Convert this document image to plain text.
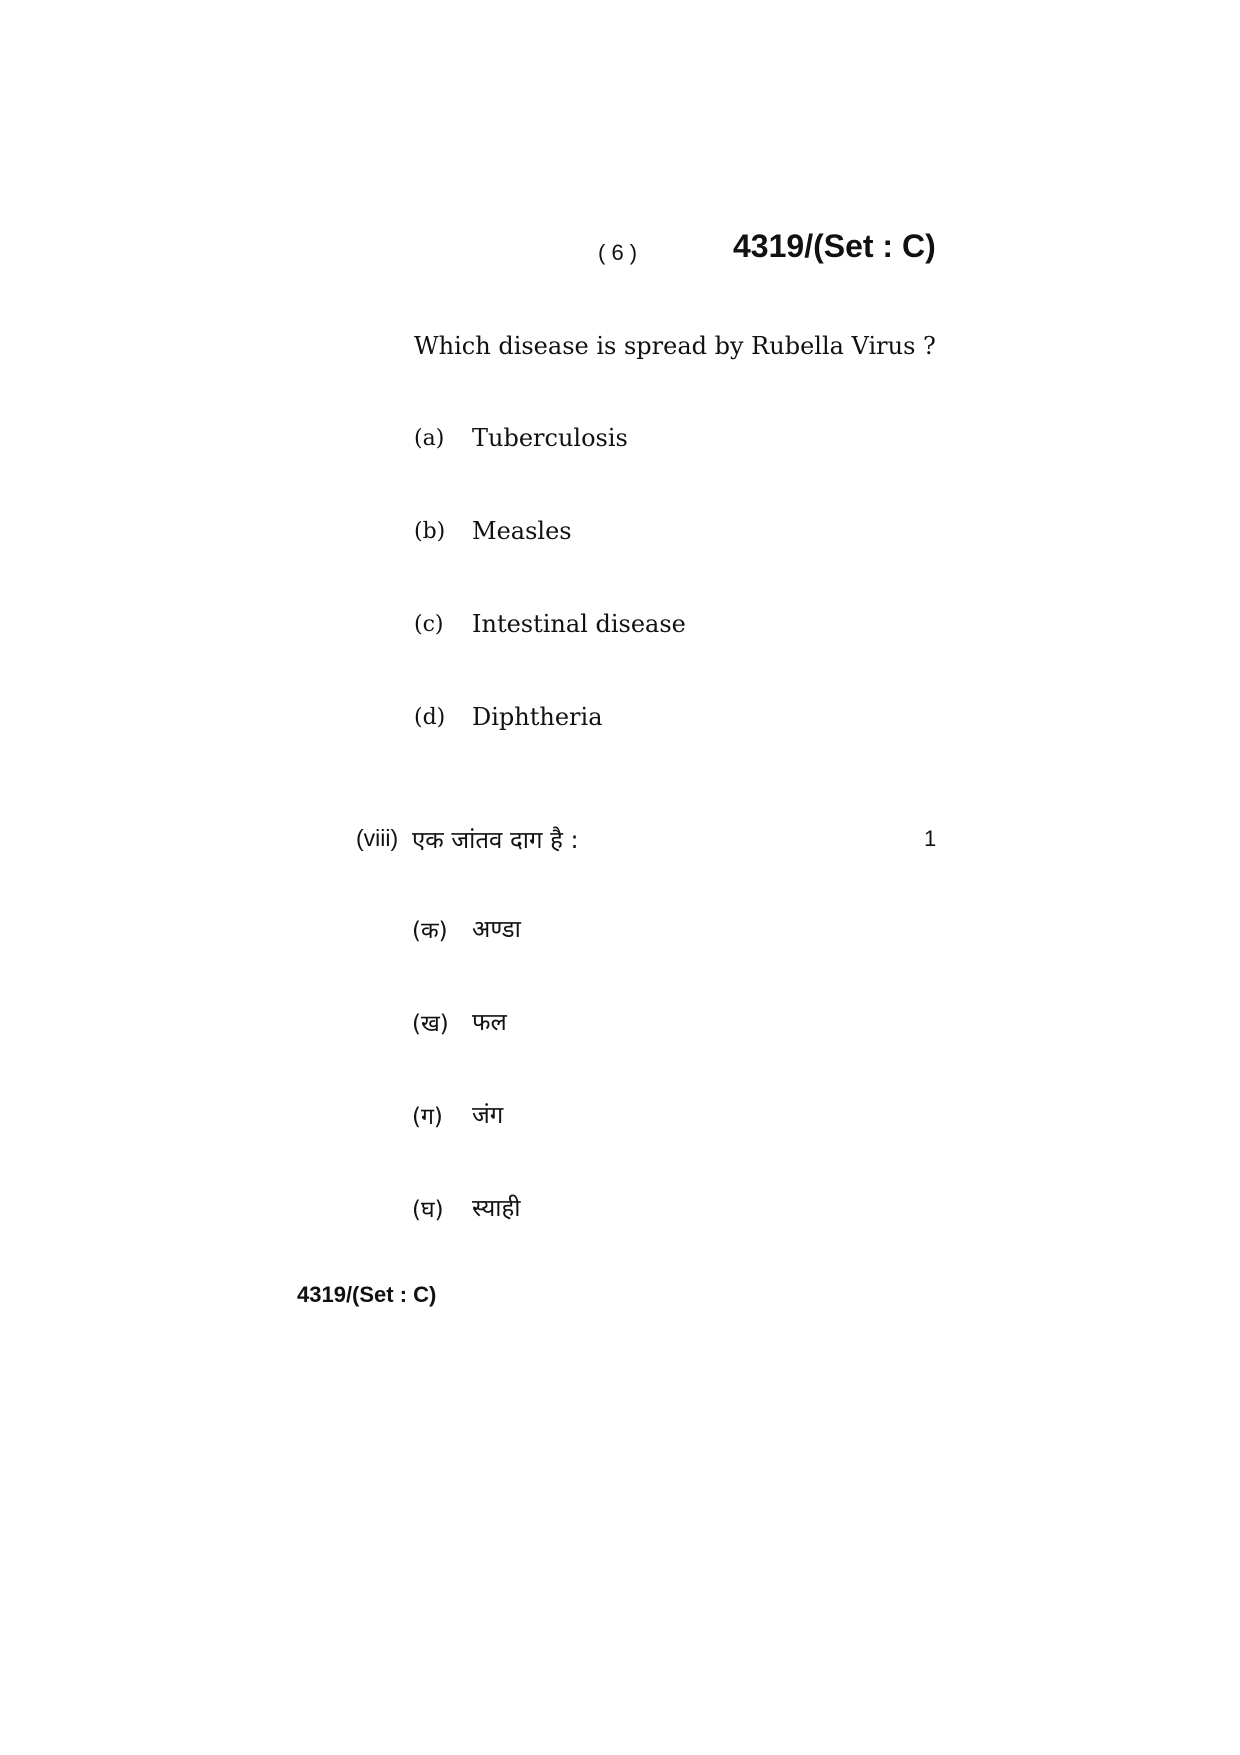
( 6 )	4319/(Set : C)
Which disease is spread by Rubella Virus ?
(a) Tuberculosis
(b) Measles
(c) Intestinal disease
(d) Diphtheria
(viii) एक जांतव दाग है :	1
(क) अण्डा
(ख) फल
(ग) जंग
(घ) स्याही
4319/(Set : C)
